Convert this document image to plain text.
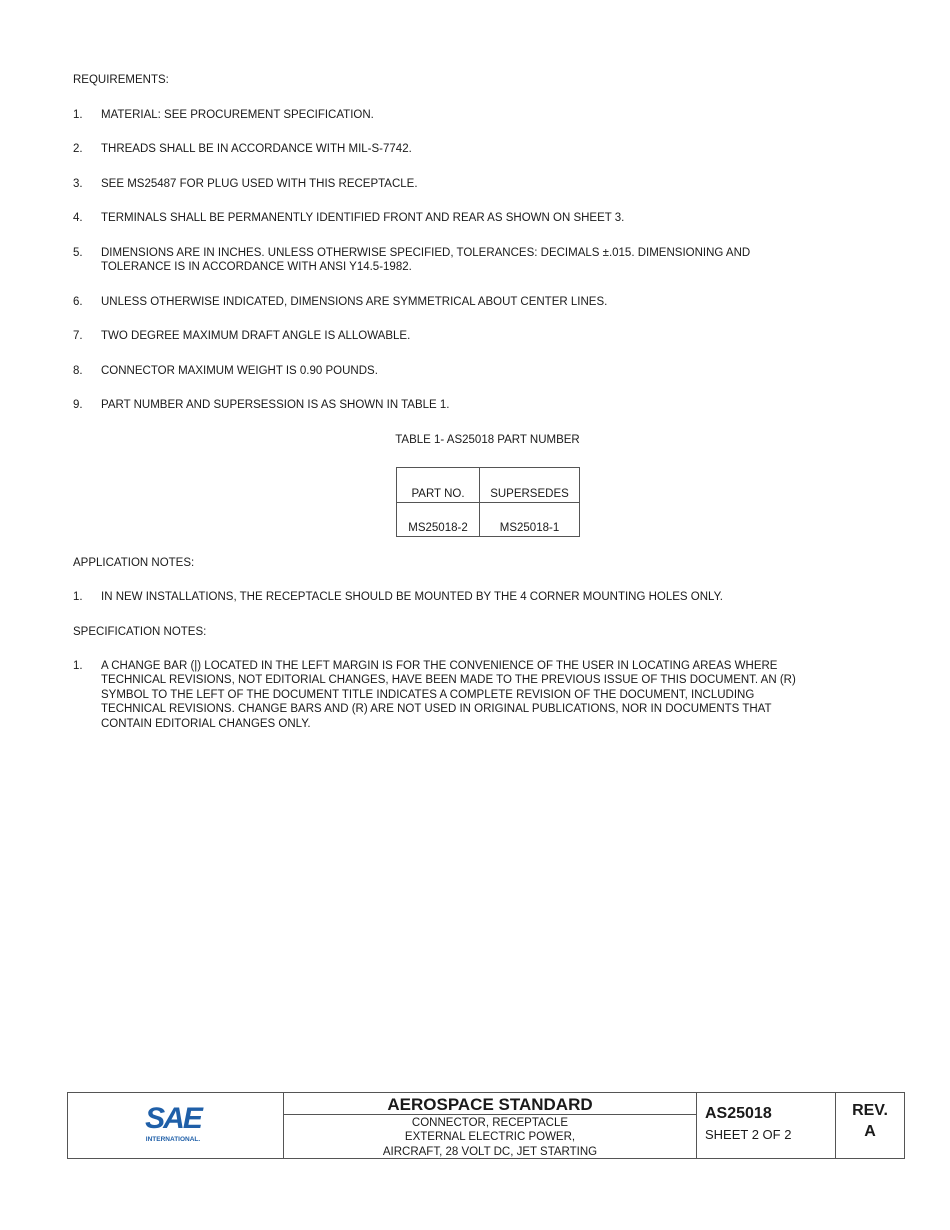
REQUIREMENTS:
1. MATERIAL: SEE PROCUREMENT SPECIFICATION.
2. THREADS SHALL BE IN ACCORDANCE WITH MIL-S-7742.
3. SEE MS25487 FOR PLUG USED WITH THIS RECEPTACLE.
4. TERMINALS SHALL BE PERMANENTLY IDENTIFIED FRONT AND REAR AS SHOWN ON SHEET 3.
5. DIMENSIONS ARE IN INCHES. UNLESS OTHERWISE SPECIFIED, TOLERANCES: DECIMALS ±.015. DIMENSIONING AND
TOLERANCE IS IN ACCORDANCE WITH ANSI Y14.5-1982.
6. UNLESS OTHERWISE INDICATED, DIMENSIONS ARE SYMMETRICAL ABOUT CENTER LINES.
7. TWO DEGREE MAXIMUM DRAFT ANGLE IS ALLOWABLE.
8. CONNECTOR MAXIMUM WEIGHT IS 0.90 POUNDS.
9. PART NUMBER AND SUPERSESSION IS AS SHOWN IN TABLE 1.
TABLE 1- AS25018 PART NUMBER
PART NO.	SUPERSEDES
MS25018-2	MS25018-1
APPLICATION NOTES:
1. IN NEW INSTALLATIONS, THE RECEPTACLE SHOULD BE MOUNTED BY THE 4 CORNER MOUNTING HOLES ONLY.
SPECIFICATION NOTES:
1. A CHANGE BAR (|) LOCATED IN THE LEFT MARGIN IS FOR THE CONVENIENCE OF THE USER IN LOCATING AREAS WHERE
TECHNICAL REVISIONS, NOT EDITORIAL CHANGES, HAVE BEEN MADE TO THE PREVIOUS ISSUE OF THIS DOCUMENT. AN (R)
SYMBOL TO THE LEFT OF THE DOCUMENT TITLE INDICATES A COMPLETE REVISION OF THE DOCUMENT, INCLUDING
TECHNICAL REVISIONS. CHANGE BARS AND (R) ARE NOT USED IN ORIGINAL PUBLICATIONS, NOR IN DOCUMENTS THAT
CONTAIN EDITORIAL CHANGES ONLY.
SAE
INTERNATIONAL.
AEROSPACE STANDARD
CONNECTOR, RECEPTACLE
EXTERNAL ELECTRIC POWER,
AIRCRAFT, 28 VOLT DC, JET STARTING
AS25018
SHEET 2 OF 2
REV.
A
